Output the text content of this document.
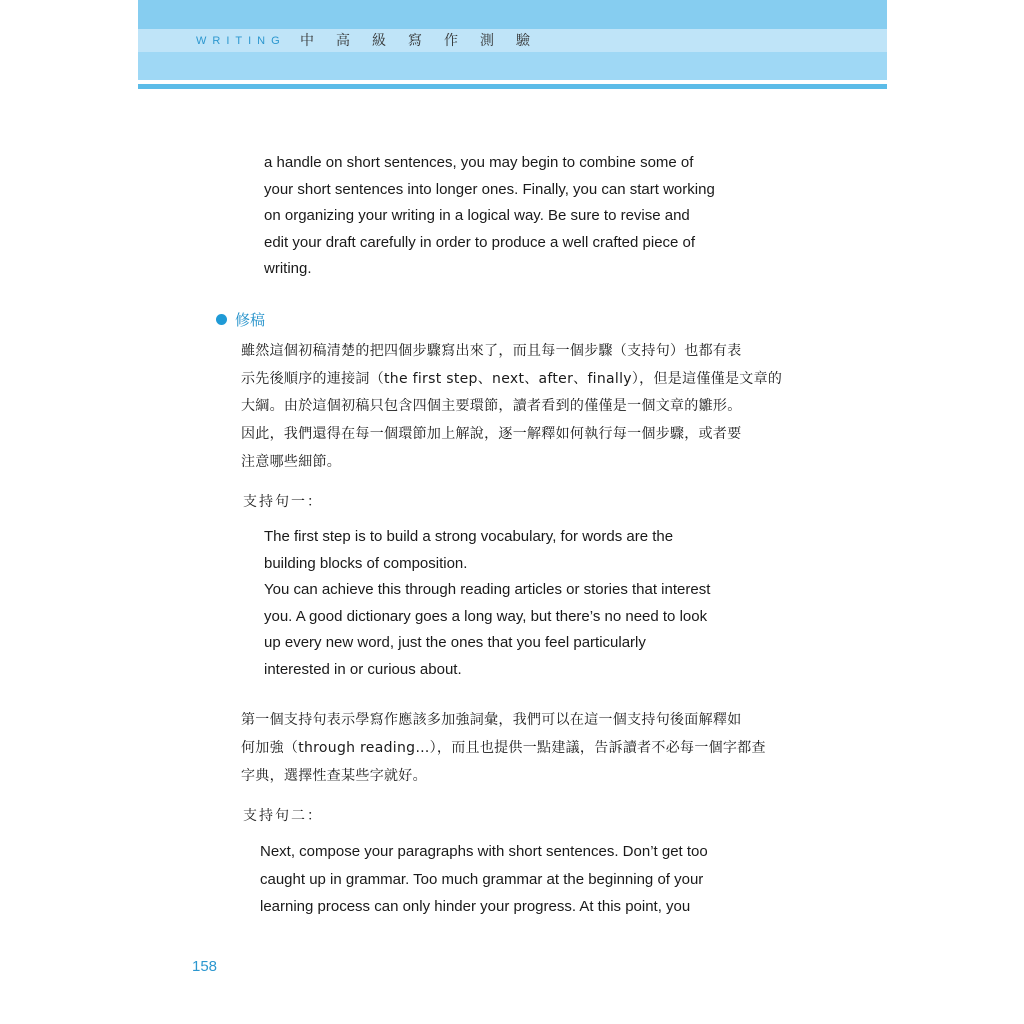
WRITING 中高級寫作測驗
a handle on short sentences, you may begin to combine some of
your short sentences into longer ones. Finally, you can start working
on organizing your writing in a logical way. Be sure to revise and
edit your draft carefully in order to produce a well crafted piece of
writing.
修稿
雖然這個初稿清楚的把四個步驟寫出來了，而且每一個步驟（支持句）也都有表
示先後順序的連接詞（the first step、next、after、finally），但是這僅僅是文章的
大綱。由於這個初稿只包含四個主要環節，讀者看到的僅僅是一個文章的雛形。
因此，我們還得在每一個環節加上解說，逐一解釋如何執行每一個步驟，或者要
注意哪些細節。
支持句一：
The first step is to build a strong vocabulary, for words are the
building blocks of composition.
You can achieve this through reading articles or stories that interest
you. A good dictionary goes a long way, but there’s no need to look
up every new word, just the ones that you feel particularly
interested in or curious about.
第一個支持句表示學寫作應該多加強詞彙，我們可以在這一個支持句後面解釋如
何加強（through reading…），而且也提供一點建議，告訴讀者不必每一個字都查
字典，選擇性查某些字就好。
支持句二：
Next, compose your paragraphs with short sentences. Don’t get too
caught up in grammar. Too much grammar at the beginning of your
learning process can only hinder your progress. At this point, you
158
